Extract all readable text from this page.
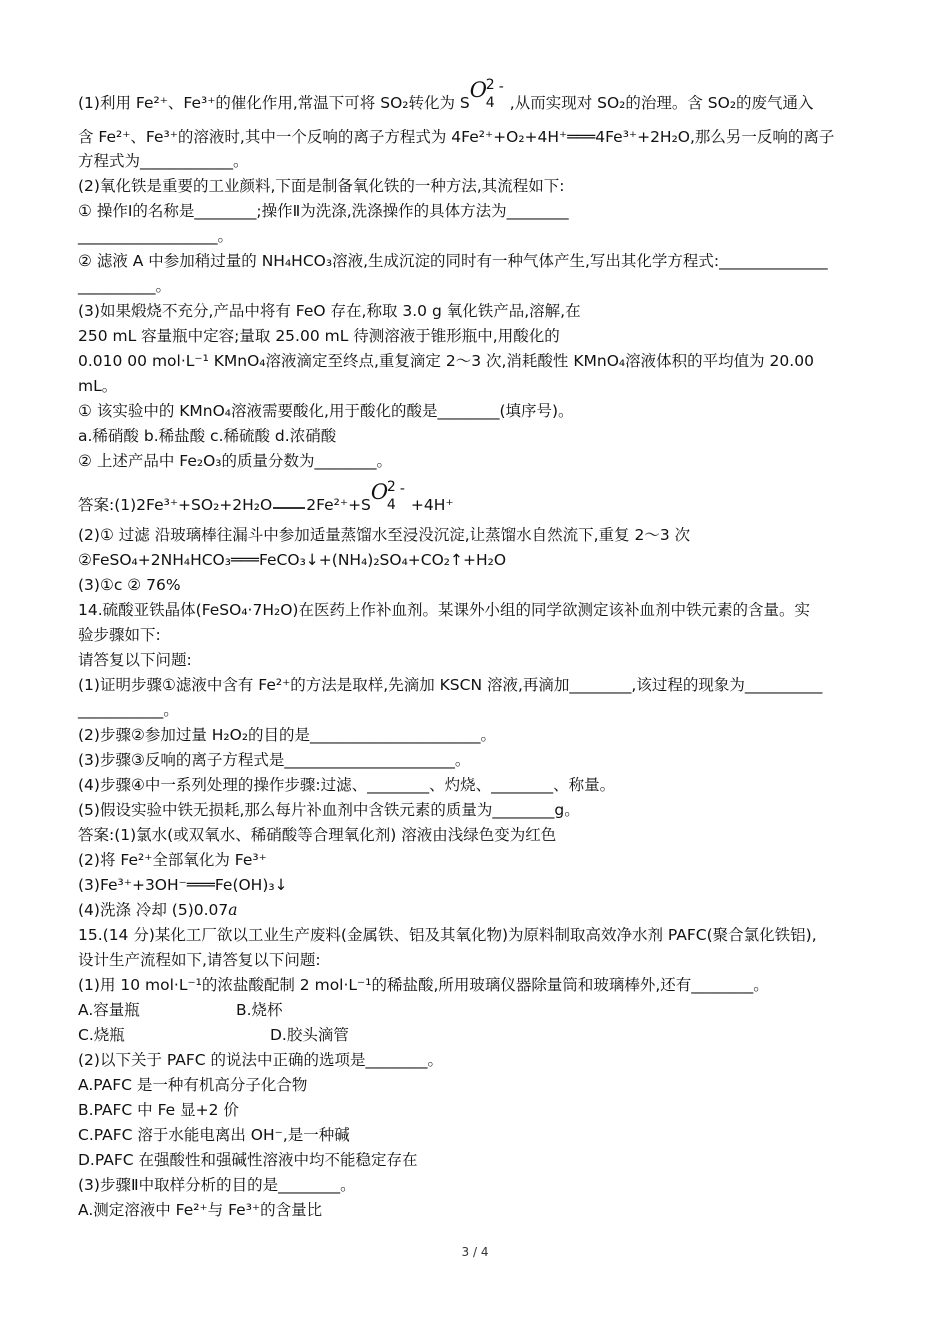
(1)利用 Fe²⁺、Fe³⁺的催化作用,常温下可将 SO₂转化为 S
O
2
4
-
,从而实现对 SO₂的治理。含 SO₂的废气通入
含 Fe²⁺、Fe³⁺的溶液时,其中一个反响的离子方程式为 4Fe²⁺+O₂+4H⁺═══4Fe³⁺+2H₂O,那么另一反响的离子
方程式为____________。
(2)氧化铁是重要的工业颜料,下面是制备氧化铁的一种方法,其流程如下:
① 操作Ⅰ的名称是________;操作Ⅱ为洗涤,洗涤操作的具体方法为________
__________________。
② 滤液 A 中参加稍过量的 NH₄HCO₃溶液,生成沉淀的同时有一种气体产生,写出其化学方程式:______________
__________。
(3)如果煅烧不充分,产品中将有 FeO 存在,称取 3.0 g 氧化铁产品,溶解,在
250 mL 容量瓶中定容;量取 25.00 mL 待测溶液于锥形瓶中,用酸化的
0.010 00 mol·L⁻¹ KMnO₄溶液滴定至终点,重复滴定 2～3 次,消耗酸性 KMnO₄溶液体积的平均值为 20.00
mL。
① 该实验中的 KMnO₄溶液需要酸化,用于酸化的酸是________(填序号)。
a.稀硝酸 b.稀盐酸 c.稀硫酸 d.浓硝酸
② 上述产品中 Fe₂O₃的质量分数为________。
答案:(1)2Fe³⁺+SO₂+2H₂O 2Fe²⁺+S
O
2
4
-
+4H⁺
(2)① 过滤 沿玻璃棒往漏斗中参加适量蒸馏水至浸没沉淀,让蒸馏水自然流下,重复 2～3 次
②FeSO₄+2NH₄HCO₃═══FeCO₃↓+(NH₄)₂SO₄+CO₂↑+H₂O
(3)①c ② 76%
14.硫酸亚铁晶体(FeSO₄·7H₂O)在医药上作补血剂。某课外小组的同学欲测定该补血剂中铁元素的含量。实
验步骤如下:
请答复以下问题:
(1)证明步骤①滤液中含有 Fe²⁺的方法是取样,先滴加 KSCN 溶液,再滴加________,该过程的现象为__________
___________。
(2)步骤②参加过量 H₂O₂的目的是______________________。
(3)步骤③反响的离子方程式是______________________。
(4)步骤④中一系列处理的操作步骤:过滤、________、灼烧、________、称量。
(5)假设实验中铁无损耗,那么每片补血剂中含铁元素的质量为________g。
答案:(1)氯水(或双氧水、稀硝酸等合理氧化剂) 溶液由浅绿色变为红色
(2)将 Fe²⁺全部氧化为 Fe³⁺
(3)Fe³⁺+3OH⁻═══Fe(OH)₃↓
(4)洗涤 冷却 (5)0.07a
15.(14 分)某化工厂欲以工业生产废料(金属铁、铝及其氧化物)为原料制取高效净水剂 PAFC(聚合氯化铁铝),
设计生产流程如下,请答复以下问题:
(1)用 10 mol·L⁻¹的浓盐酸配制 2 mol·L⁻¹的稀盐酸,所用玻璃仪器除量筒和玻璃棒外,还有________。
A.容量瓶	B.烧杯
C.烧瓶	D.胶头滴管
(2)以下关于 PAFC 的说法中正确的选项是________。
A.PAFC 是一种有机高分子化合物
B.PAFC 中 Fe 显+2 价
C.PAFC 溶于水能电离出 OH⁻,是一种碱
D.PAFC 在强酸性和强碱性溶液中均不能稳定存在
(3)步骤Ⅱ中取样分析的目的是________。
A.测定溶液中 Fe²⁺与 Fe³⁺的含量比
3 / 4
